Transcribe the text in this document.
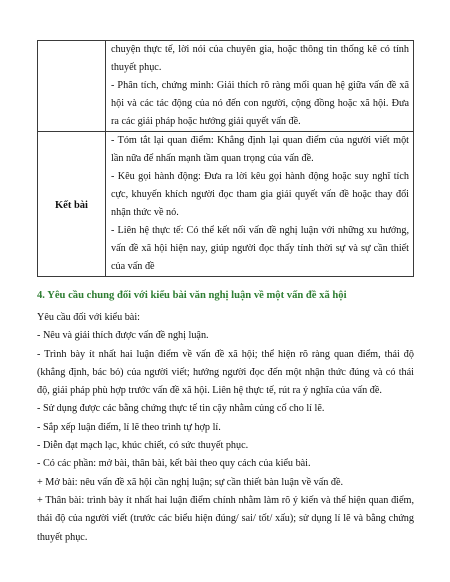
	chuyện thực tế, lời nói của chuyên gia, hoặc thông tin thống kê có tính thuyết phục.

- Phân tích, chứng minh: Giải thích rõ ràng mối quan hệ giữa vấn đề xã hội và các tác động của nó đến con người, cộng đồng hoặc xã hội. Đưa ra các giải pháp hoặc hướng giải quyết vấn đề.

Kết bài	- Tóm tắt lại quan điểm: Khẳng định lại quan điểm của người viết một lần nữa để nhấn mạnh tầm quan trọng của vấn đề.

- Kêu gọi hành động: Đưa ra lời kêu gọi hành động hoặc suy nghĩ tích cực, khuyến khích người đọc tham gia giải quyết vấn đề hoặc thay đổi nhận thức về nó.

- Liên hệ thực tế: Có thể kết nối vấn đề nghị luận với những xu hướng, vấn đề xã hội hiện nay, giúp người đọc thấy tính thời sự và sự cần thiết của vấn đề

4. Yêu cầu chung đối với kiểu bài văn nghị luận về một vấn đề xã hội

Yêu cầu đối với kiểu bài:

- Nêu và giải thích được vấn đề nghị luận.

- Trình bày ít nhất hai luận điểm về vấn đề xã hội; thể hiện rõ ràng quan điểm, thái độ (khẳng định, bác bỏ) của người viết; hướng người đọc đến một nhận thức đúng và có thái độ, giải pháp phù hợp trước vấn đề xã hội. Liên hệ thực tế, rút ra ý nghĩa của vấn đề.

- Sử dụng được các bằng chứng thực tế tin cậy nhằm củng cố cho lí lẽ.

- Sắp xếp luận điểm, lí lẽ theo trình tự hợp lí.

- Diễn đạt mạch lạc, khúc chiết, có sức thuyết phục.

- Có các phần: mở bài, thân bài, kết bài theo quy cách của kiểu bài.

+ Mở bài: nêu vấn đề xã hội cần nghị luận; sự cần thiết bàn luận về vấn đề.

+ Thân bài: trình bày ít nhất hai luận điểm chính nhằm làm rõ ý kiến và thể hiện quan điểm, thái độ của người viết (trước các biểu hiện đúng/ sai/ tốt/ xấu); sử dụng lí lẽ và bằng chứng thuyết phục.
